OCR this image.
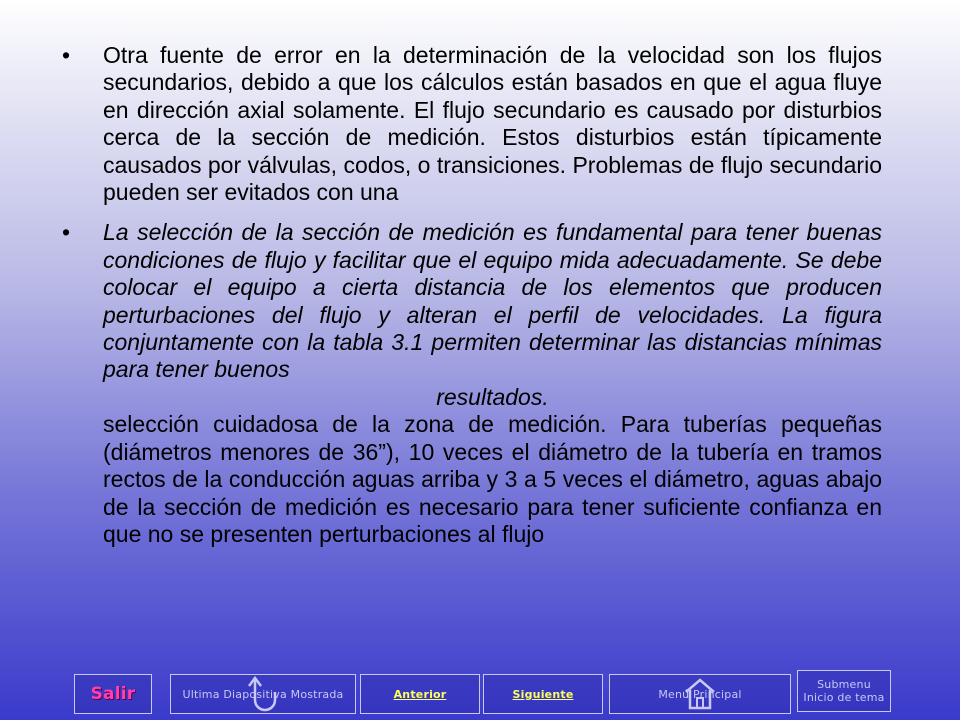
• Otra fuente de error en la determinación de la velocidad son los flujos secundarios, debido a que los cálculos están basados en que el agua fluye en dirección axial solamente. El flujo secundario es causado por disturbios cerca de la sección de medición. Estos disturbios están típicamente causados por válvulas, codos, o transiciones. Problemas de flujo secundario pueden ser evitados con una
• La selección de la sección de medición es fundamental para tener buenas condiciones de flujo y facilitar que el equipo mida adecuadamente. Se debe colocar el equipo a cierta distancia de los elementos que producen perturbaciones del flujo y alteran el perfil de velocidades. La figura conjuntamente con la tabla 3.1 permiten determinar las distancias mínimas para tener buenos
resultados.
selección cuidadosa de la zona de medición. Para tuberías pequeñas (diámetros menores de 36”), 10 veces el diámetro de la tubería en tramos rectos de la conducción aguas arriba y 3 a 5 veces el diámetro, aguas abajo de la sección de medición es necesario para tener suficiente confianza en que no se presenten perturbaciones al flujo
Salir	Ultima Diapositiva Mostrada	Anterior	Siguiente	Menú Principal
Submenu
Inicio de tema
